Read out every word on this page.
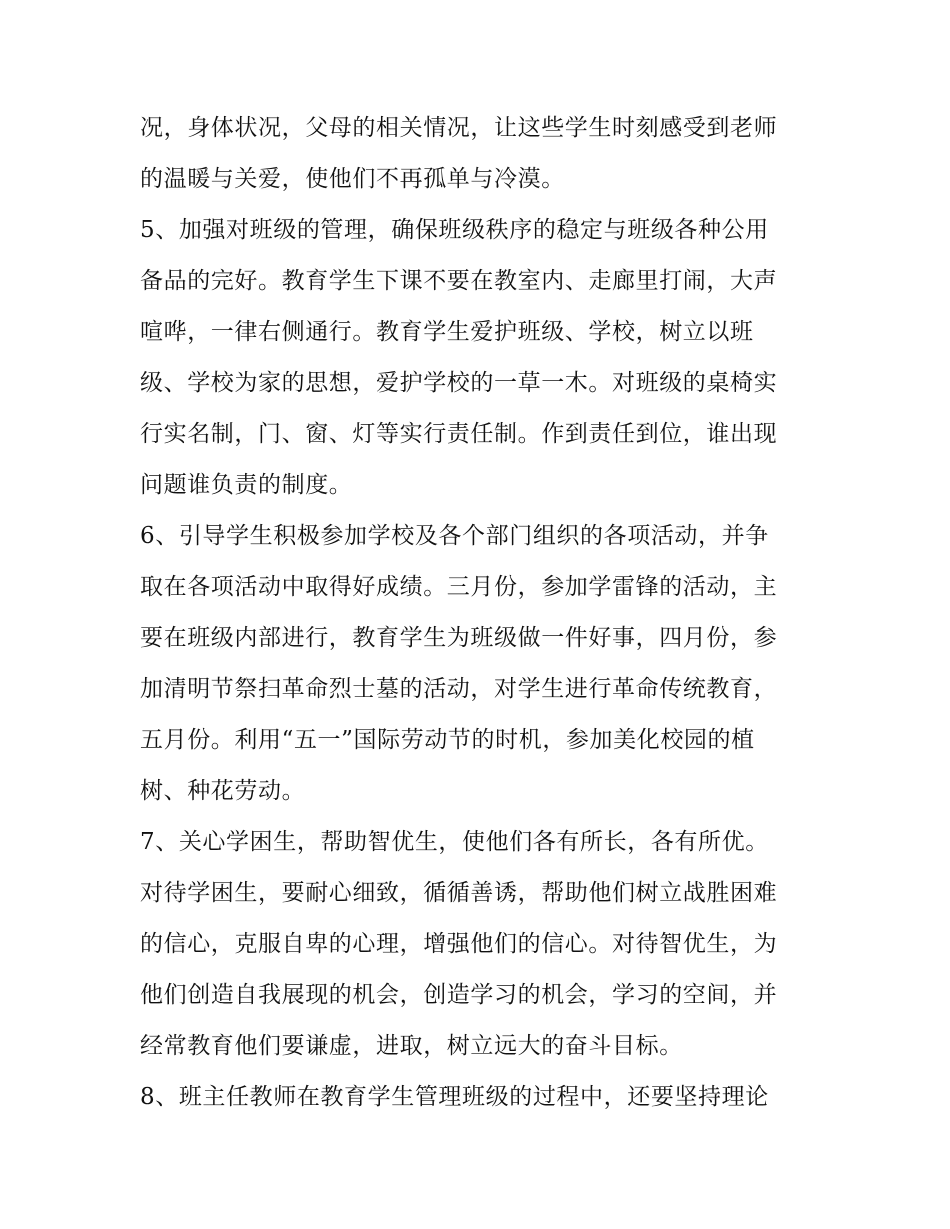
况，身体状况，父母的相关情况，让这些学生时刻感受到老师
的温暖与关爱，使他们不再孤单与冷漠。
5、加强对班级的管理，确保班级秩序的稳定与班级各种公用
备品的完好。教育学生下课不要在教室内、走廊里打闹，大声
喧哗，一律右侧通行。教育学生爱护班级、学校，树立以班
级、学校为家的思想，爱护学校的一草一木。对班级的桌椅实
行实名制，门、窗、灯等实行责任制。作到责任到位，谁出现
问题谁负责的制度。
6、引导学生积极参加学校及各个部门组织的各项活动，并争
取在各项活动中取得好成绩。三月份，参加学雷锋的活动，主
要在班级内部进行，教育学生为班级做一件好事，四月份，参
加清明节祭扫革命烈士墓的活动，对学生进行革命传统教育，
五月份。利用“五一”国际劳动节的时机，参加美化校园的植
树、种花劳动。
7、关心学困生，帮助智优生，使他们各有所长，各有所优。
对待学困生，要耐心细致，循循善诱，帮助他们树立战胜困难
的信心，克服自卑的心理，增强他们的信心。对待智优生，为
他们创造自我展现的机会，创造学习的机会，学习的空间，并
经常教育他们要谦虚，进取，树立远大的奋斗目标。
8、班主任教师在教育学生管理班级的过程中，还要坚持理论
